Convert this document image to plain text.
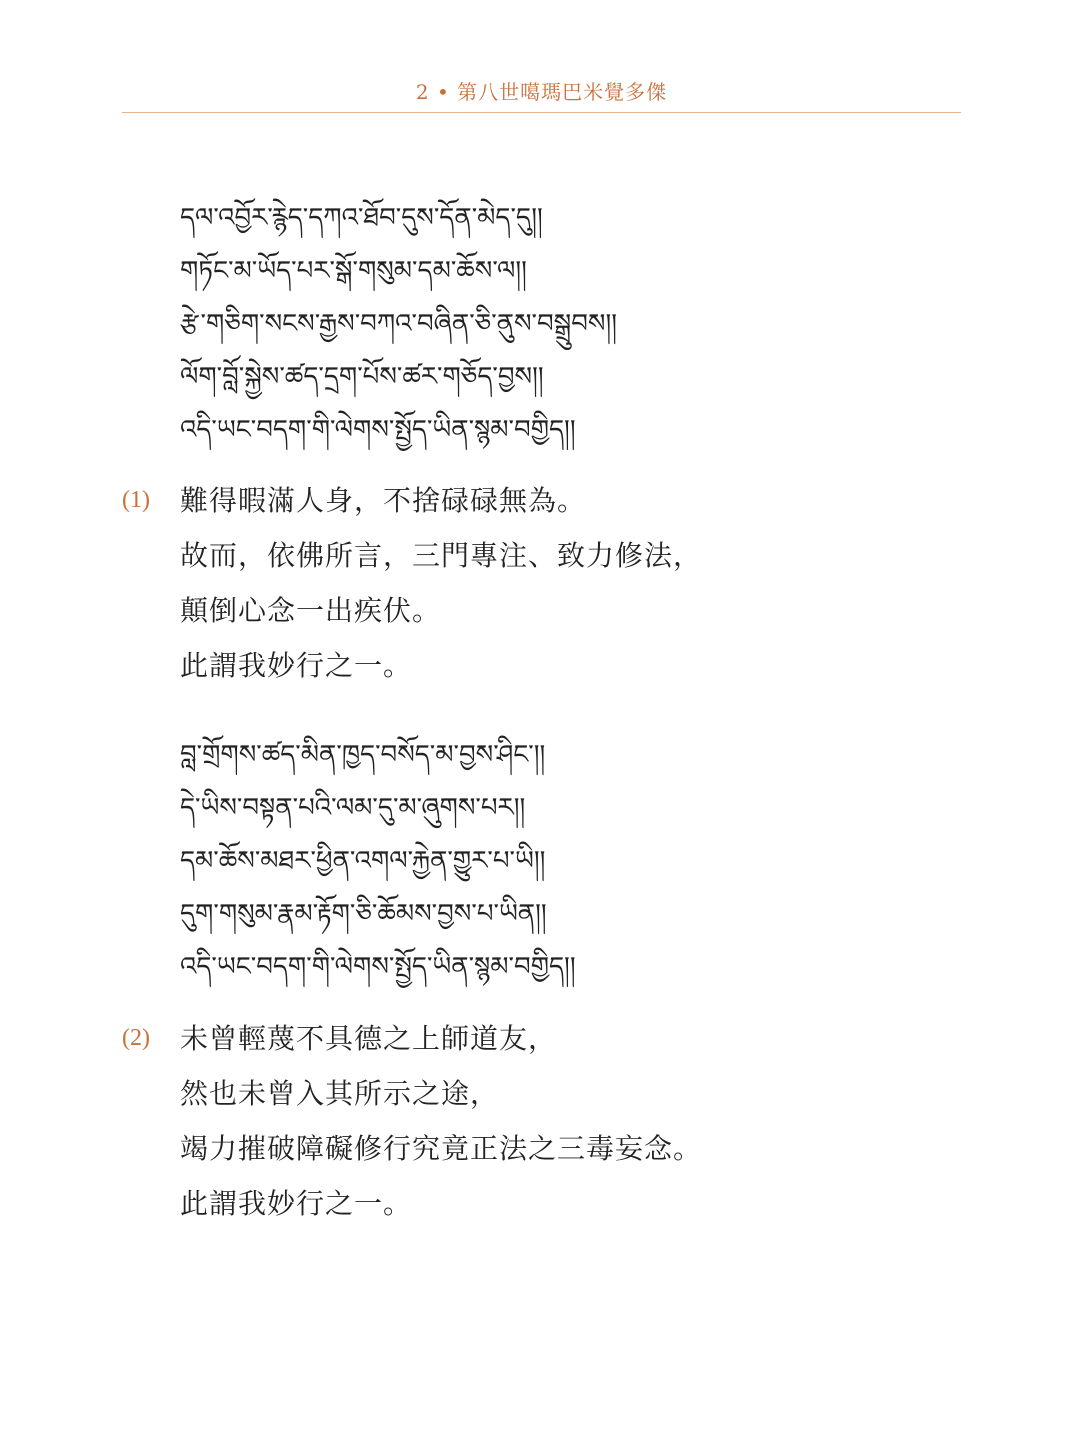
2 • 第八世噶瑪巴米覺多傑
དལ་འབྱོར་རྙེད་དཀའ་ཐོབ་དུས་དོན་མེད་དུ།།
གཏོང་མ་ཡོད་པར་སྒོ་གསུམ་དམ་ཆོས་ལ།།
རྩེ་གཅིག་སངས་རྒྱས་བཀའ་བཞིན་ཅི་ནུས་བསྒྲུབས།།
ལོག་བློ་སྐྱེས་ཚད་དྲག་པོས་ཚར་གཅོད་བྱས།།
འདི་ཡང་བདག་གི་ལེགས་སྤྱོད་ཡིན་སྙམ་བགྱིད།།
(1) 難得暇滿人身，不捨碌碌無為。
故而，依佛所言，三門專注、致力修法，
顛倒心念一出疾伏。
此謂我妙行之一。
བླ་གྲོགས་ཚད་མིན་ཁྱད་བསོད་མ་བྱས་ཤིང་།།
དེ་ཡིས་བསྟན་པའི་ལམ་དུ་མ་ཞུགས་པར།།
དམ་ཆོས་མཐར་ཕྱིན་འགལ་རྐྱེན་གྱུར་པ་ཡི།།
དུག་གསུམ་རྣམ་རྟོག་ཅི་ཆོམས་བྱས་པ་ཡིན།།
འདི་ཡང་བདག་གི་ལེགས་སྤྱོད་ཡིན་སྙམ་བགྱིད།།
(2) 未曾輕蔑不具德之上師道友，
然也未曾入其所示之途，
竭力摧破障礙修行究竟正法之三毒妄念。
此謂我妙行之一。
